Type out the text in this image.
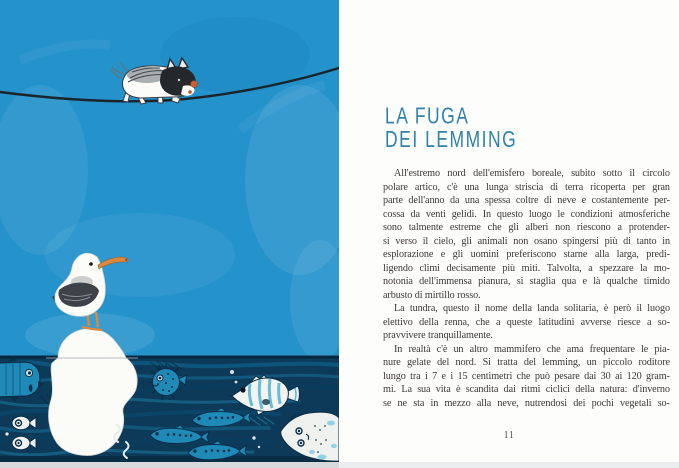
LA FUGA
DEI LEMMING
All'estremo nord dell'emisfero boreale, subito sotto il circolo
polare artico, c'è una lunga striscia di terra ricoperta per gran
parte dell'anno da una spessa coltre di neve e costantemente per-
cossa da venti gelidi. In questo luogo le condizioni atmosferiche
sono talmente estreme che gli alberi non riescono a protender-
si verso il cielo, gli animali non osano spingersi più di tanto in
esplorazione e gli uomini preferiscono starne alla larga, predi-
ligendo climi decisamente più miti. Talvolta, a spezzare la mo-
notonia dell'immensa pianura, si staglia qua e là qualche timido
arbusto di mirtillo rosso.
La tundra, questo il nome della landa solitaria, è però il luogo
elettivo della renna, che a queste latitudini avverse riesce a so-
pravvivere tranquillamente.
In realtà c'è un altro mammifero che ama frequentare le pia-
nure gelate del nord. Si tratta del lemming, un piccolo roditore
lungo tra i 7 e i 15 centimetri che può pesare dai 30 ai 120 gram-
mi. La sua vita è scandita dai ritmi ciclici della natura: d'inverno
se ne sta in mezzo alla neve, nutrendosi dei pochi vegetali so-
11
